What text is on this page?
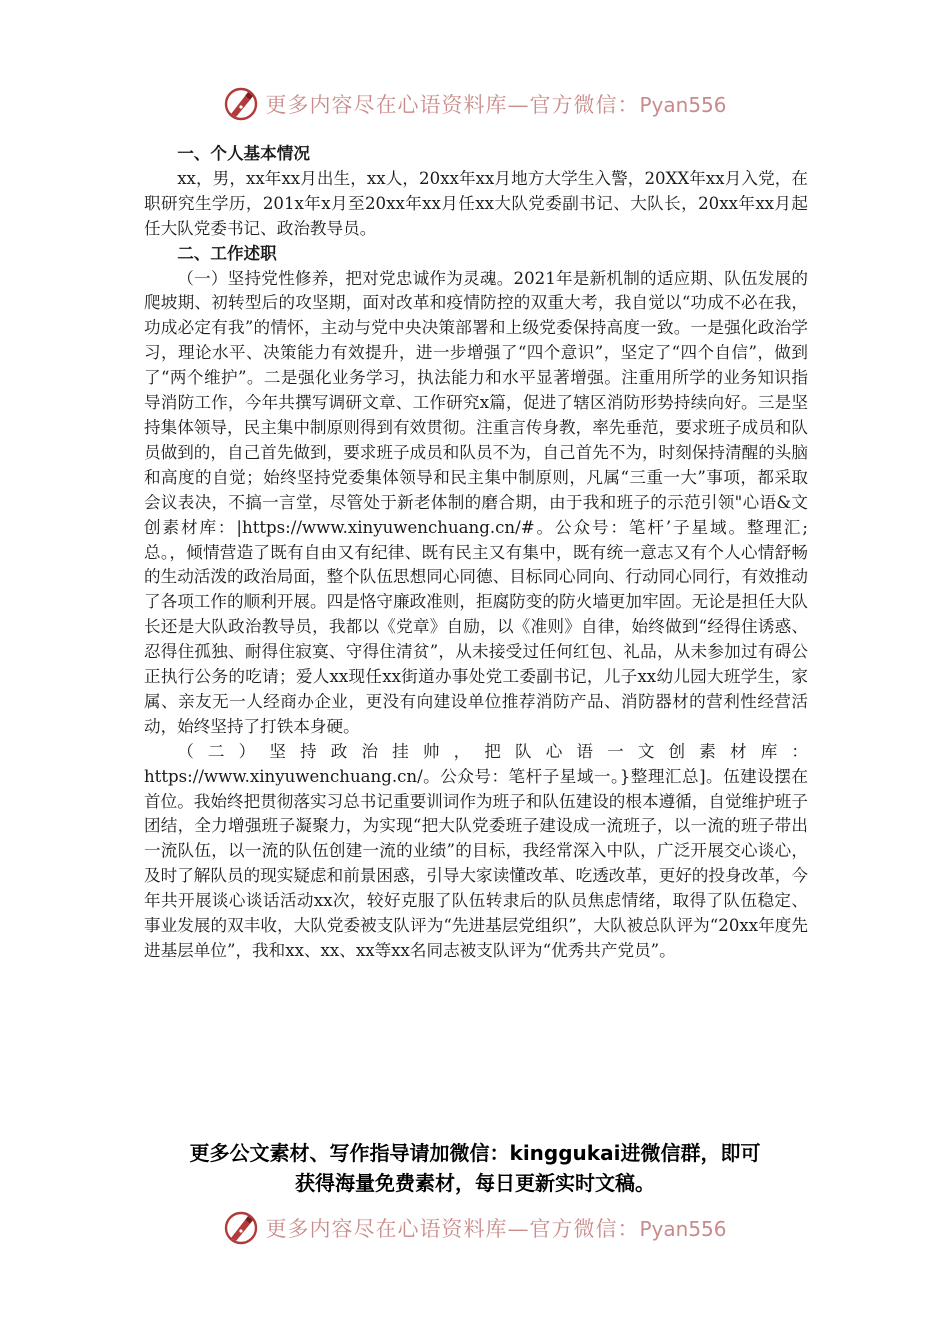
更多内容尽在心语资料库—官方微信：Pyan556
一、个人基本情况

xx，男，xx年xx月出生，xx人，20xx年xx月地方大学生入警，20XX年xx月入党，在职研究生学历，201x年x月至20xx年xx月任xx大队党委副书记、大队长，20xx年xx月起任大队党委书记、政治教导员。

二、工作述职

（一）坚持党性修养，把对党忠诚作为灵魂。2021年是新机制的适应期、队伍发展的爬坡期、初转型后的攻坚期，面对改革和疫情防控的双重大考，我自觉以“功成不必在我，功成必定有我”的情怀，主动与党中央决策部署和上级党委保持高度一致。一是强化政治学习，理论水平、决策能力有效提升，进一步增强了“四个意识”，坚定了“四个自信”，做到了“两个维护”。二是强化业务学习，执法能力和水平显著增强。注重用所学的业务知识指导消防工作，今年共撰写调研文章、工作研究x篇，促进了辖区消防形势持续向好。三是坚持集体领导，民主集中制原则得到有效贯彻。注重言传身教，率先垂范，要求班子成员和队员做到的，自己首先做到，要求班子成员和队员不为，自己首先不为，时刻保持清醒的头脑和高度的自觉；始终坚持党委集体领导和民主集中制原则，凡属“三重一大”事项，都采取会议表决，不搞一言堂，尽管处于新老体制的磨合期，由于我和班子的示范引领"心语&文创素材库：|https://www.xinyuwenchuang.cn/#。公众号：笔杆’子星域。整理汇;总。，倾情营造了既有自由又有纪律、既有民主又有集中，既有统一意志又有个人心情舒畅的生动活泼的政治局面，整个队伍思想同心同德、目标同心同向、行动同心同行，有效推动了各项工作的顺利开展。四是恪守廉政准则，拒腐防变的防火墙更加牢固。无论是担任大队长还是大队政治教导员，我都以《党章》自励，以《准则》自律，始终做到“经得住诱惑、忍得住孤独、耐得住寂寞、守得住清贫”，从未接受过任何红包、礼品，从未参加过有碍公正执行公务的吃请；爱人xx现任xx街道办事处党工委副书记，儿子xx幼儿园大班学生，家属、亲友无一人经商办企业，更没有向建设单位推荐消防产品、消防器材的营利性经营活动，始终坚持了打铁本身硬。

（二）坚持政治挂帅，把队心语一文创素材库：https://www.xinyuwenchuang.cn/。公众号：笔杆子星域一。}整理汇总]。伍建设摆在首位。我始终把贯彻落实习总书记重要训词作为班子和队伍建设的根本遵循，自觉维护班子团结，全力增强班子凝聚力，为实现“把大队党委班子建设成一流班子，以一流的班子带出一流队伍，以一流的队伍创建一流的业绩”的目标，我经常深入中队，广泛开展交心谈心，及时了解队员的现实疑虑和前景困惑，引导大家读懂改革、吃透改革，更好的投身改革，今年共开展谈心谈话活动xx次，较好克服了队伍转隶后的队员焦虑情绪，取得了队伍稳定、事业发展的双丰收，大队党委被支队评为“先进基层党组织”，大队被总队评为“20xx年度先进基层单位”，我和xx、xx、xx等xx名同志被支队评为“优秀共产党员”。

更多公文素材、写作指导请加微信：kinggukai进微信群，即可
获得海量免费素材，每日更新实时文稿。
更多内容尽在心语资料库—官方微信：Pyan556
